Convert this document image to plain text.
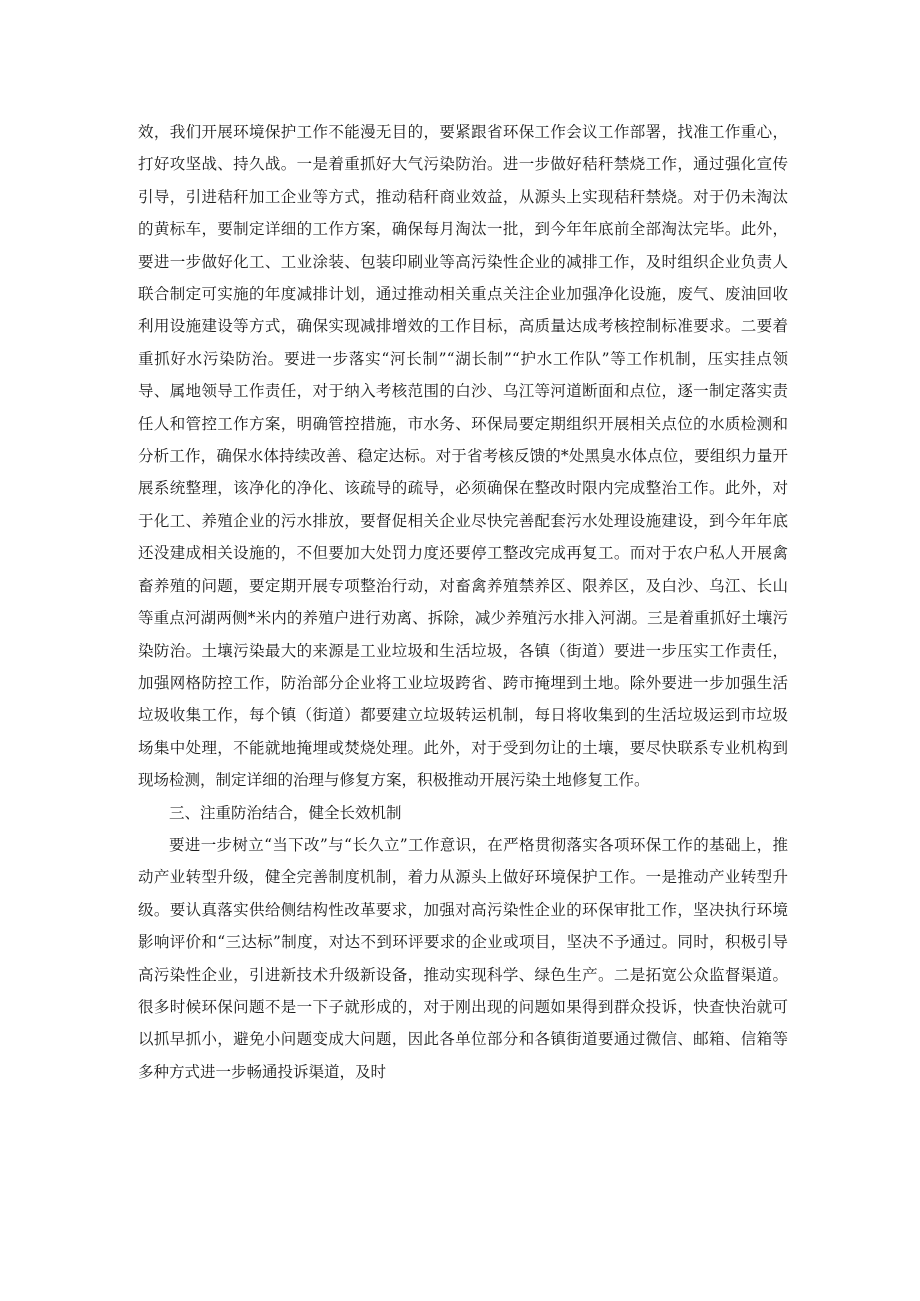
效，我们开展环境保护工作不能漫无目的，要紧跟省环保工作会议工作部署，找准工作重心，打好攻坚战、持久战。一是着重抓好大气污染防治。进一步做好秸秆禁烧工作，通过强化宣传引导，引进秸秆加工企业等方式，推动秸秆商业效益，从源头上实现秸秆禁烧。对于仍未淘汰的黄标车，要制定详细的工作方案，确保每月淘汰一批，到今年年底前全部淘汰完毕。此外，要进一步做好化工、工业涂装、包装印刷业等高污染性企业的减排工作，及时组织企业负责人联合制定可实施的年度减排计划，通过推动相关重点关注企业加强净化设施，废气、废油回收利用设施建设等方式，确保实现减排增效的工作目标，高质量达成考核控制标准要求。二要着重抓好水污染防治。要进一步落实“河长制”“湖长制”“护水工作队”等工作机制，压实挂点领导、属地领导工作责任，对于纳入考核范围的白沙、乌江等河道断面和点位，逐一制定落实责任人和管控工作方案，明确管控措施，市水务、环保局要定期组织开展相关点位的水质检测和分析工作，确保水体持续改善、稳定达标。对于省考核反馈的*处黑臭水体点位，要组织力量开展系统整理，该净化的净化、该疏导的疏导，必须确保在整改时限内完成整治工作。此外，对于化工、养殖企业的污水排放，要督促相关企业尽快完善配套污水处理设施建设，到今年年底还没建成相关设施的，不但要加大处罚力度还要停工整改完成再复工。而对于农户私人开展禽畜养殖的问题，要定期开展专项整治行动，对畜禽养殖禁养区、限养区，及白沙、乌江、长山等重点河湖两侧*米内的养殖户进行劝离、拆除，减少养殖污水排入河湖。三是着重抓好土壤污染防治。土壤污染最大的来源是工业垃圾和生活垃圾，各镇（街道）要进一步压实工作责任，加强网格防控工作，防治部分企业将工业垃圾跨省、跨市掩埋到土地。除外要进一步加强生活垃圾收集工作，每个镇（街道）都要建立垃圾转运机制，每日将收集到的生活垃圾运到市垃圾场集中处理，不能就地掩埋或焚烧处理。此外，对于受到勿让的土壤，要尽快联系专业机构到现场检测，制定详细的治理与修复方案，积极推动开展污染土地修复工作。

三、注重防治结合，健全长效机制

要进一步树立“当下改”与“长久立”工作意识，在严格贯彻落实各项环保工作的基础上，推动产业转型升级，健全完善制度机制，着力从源头上做好环境保护工作。一是推动产业转型升级。要认真落实供给侧结构性改革要求，加强对高污染性企业的环保审批工作，坚决执行环境影响评价和“三达标”制度，对达不到环评要求的企业或项目，坚决不予通过。同时，积极引导高污染性企业，引进新技术升级新设备，推动实现科学、绿色生产。二是拓宽公众监督渠道。很多时候环保问题不是一下子就形成的，对于刚出现的问题如果得到群众投诉，快查快治就可以抓早抓小，避免小问题变成大问题，因此各单位部分和各镇街道要通过微信、邮箱、信箱等多种方式进一步畅通投诉渠道，及时
